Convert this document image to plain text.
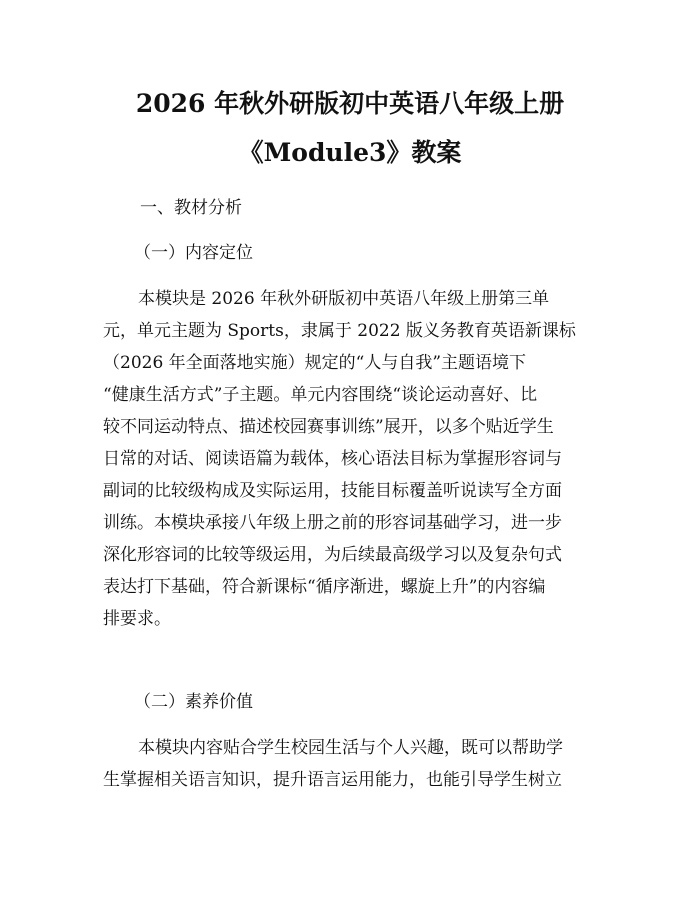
2026 年秋外研版初中英语八年级上册
《Module3》教案
一、教材分析
（一）内容定位
本模块是 2026 年秋外研版初中英语八年级上册第三单
元，单元主题为 Sports，隶属于 2022 版义务教育英语新课标
（2026 年全面落地实施）规定的“人与自我”主题语境下
“健康生活方式”子主题。单元内容围绕“谈论运动喜好、比
较不同运动特点、描述校园赛事训练”展开，以多个贴近学生
日常的对话、阅读语篇为载体，核心语法目标为掌握形容词与
副词的比较级构成及实际运用，技能目标覆盖听说读写全方面
训练。本模块承接八年级上册之前的形容词基础学习，进一步
深化形容词的比较等级运用，为后续最高级学习以及复杂句式
表达打下基础，符合新课标“循序渐进，螺旋上升”的内容编
排要求。
（二）素养价值
本模块内容贴合学生校园生活与个人兴趣，既可以帮助学
生掌握相关语言知识，提升语言运用能力，也能引导学生树立
